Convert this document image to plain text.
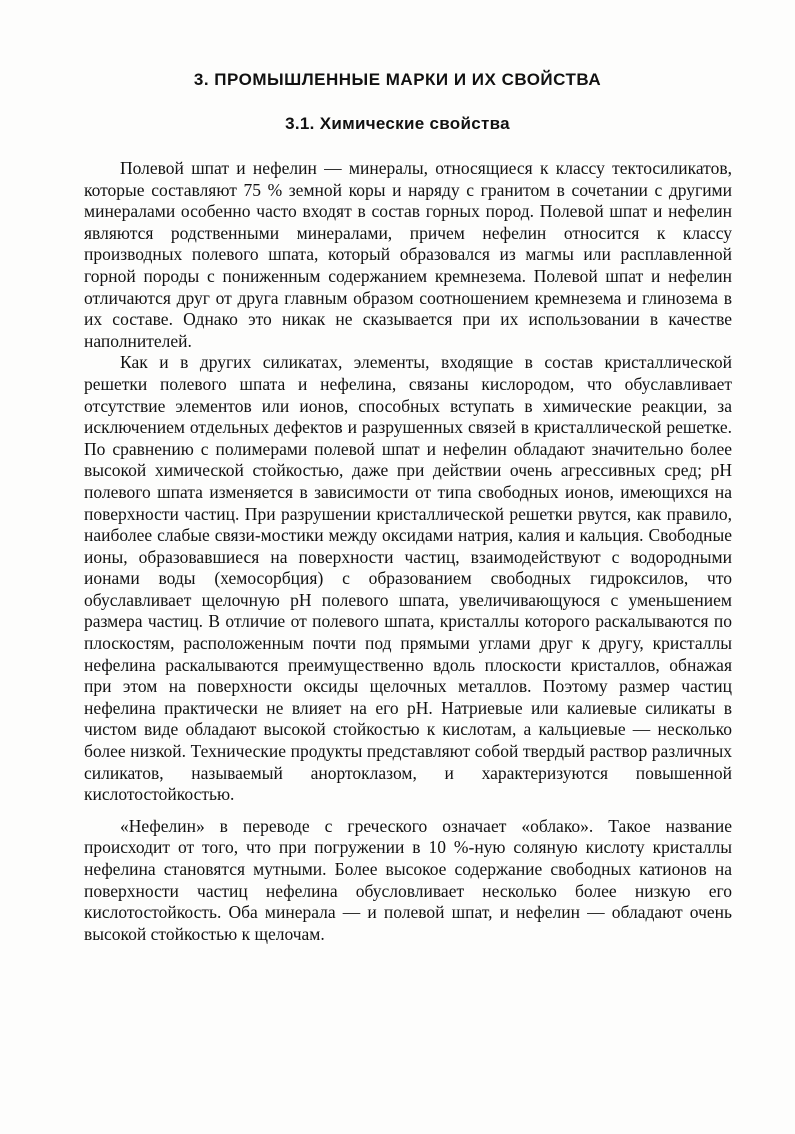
3. ПРОМЫШЛЕННЫЕ МАРКИ И ИХ СВОЙСТВА
3.1. Химические свойства

Полевой шпат и нефелин — минералы, относящиеся к классу тектосиликатов, которые составляют 75 % земной коры и наряду с гранитом в сочетании с другими минералами особенно часто входят в состав горных пород. Полевой шпат и нефелин являются родственными минералами, причем нефелин относится к классу производных полевого шпата, который образовался из магмы или расплавленной горной породы с пониженным содержанием кремнезема. Полевой шпат и нефелин отличаются друг от друга главным образом соотношением кремнезема и глинозема в их составе. Однако это никак не сказывается при их использовании в качестве наполнителей.

Как и в других силикатах, элементы, входящие в состав кристаллической решетки полевого шпата и нефелина, связаны кислородом, что обуславливает отсутствие элементов или ионов, способных вступать в химические реакции, за исключением отдельных дефектов и разрушенных связей в кристаллической решетке. По сравнению с полимерами полевой шпат и нефелин обладают значительно более высокой химической стойкостью, даже при действии очень агрессивных сред; pH полевого шпата изменяется в зависимости от типа свободных ионов, имеющихся на поверхности частиц. При разрушении кристаллической решетки рвутся, как правило, наиболее слабые связи-мостики между оксидами натрия, калия и кальция. Свободные ионы, образовавшиеся на поверхности частиц, взаимодействуют с водородными ионами воды (хемосорбция) с образованием свободных гидроксилов, что обуславливает щелочную pH полевого шпата, увеличивающуюся с уменьшением размера частиц. В отличие от полевого шпата, кристаллы которого раскалываются по плоскостям, расположенным почти под прямыми углами друг к другу, кристаллы нефелина раскалываются преимущественно вдоль плоскости кристаллов, обнажая при этом на поверхности оксиды щелочных металлов. Поэтому размер частиц нефелина практически не влияет на его pH. Натриевые или калиевые силикаты в чистом виде обладают высокой стойкостью к кислотам, а кальциевые — несколько более низкой. Технические продукты представляют собой твердый раствор различных силикатов, называемый анортоклазом, и характеризуются повышенной кислотостойкостью.

«Нефелин» в переводе с греческого означает «облако». Такое название происходит от того, что при погружении в 10 %-ную соляную кислоту кристаллы нефелина становятся мутными. Более высокое содержание свободных катионов на поверхности частиц нефелина обусловливает несколько более низкую его кислотостойкость. Оба минерала — и полевой шпат, и нефелин — обладают очень высокой стойкостью к щелочам.
